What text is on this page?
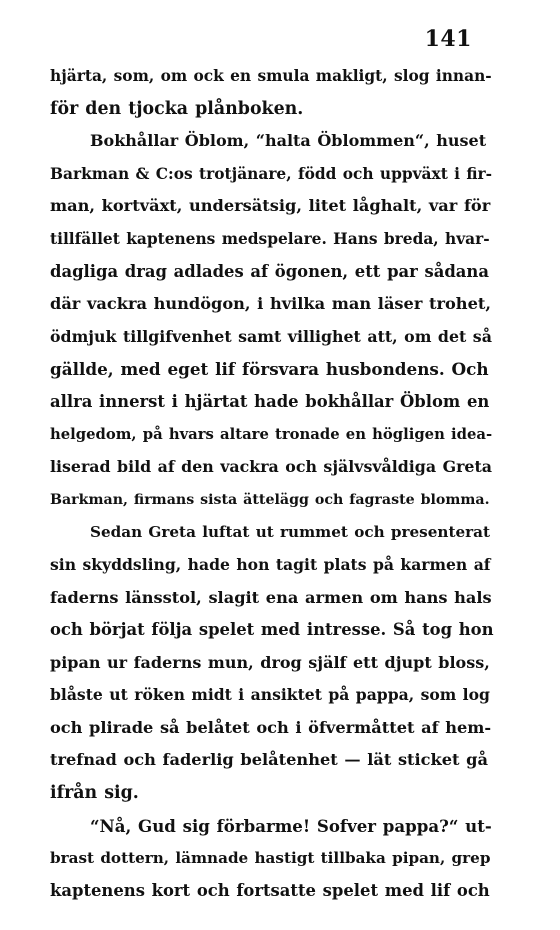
141
hjärta, som, om ock en smula makligt, slog innan-
för den tjocka plånboken.
Bokhållar Öblom, “halta Öblommen“, huset
Barkman & C:os trotjänare, född och uppväxt i fir-
man, kortväxt, undersätsig, litet låghalt, var för
tillfället kaptenens medspelare. Hans breda, hvar-
dagliga drag adlades af ögonen, ett par sådana
där vackra hundögon, i hvilka man läser trohet,
ödmjuk tillgifvenhet samt villighet att, om det så
gällde, med eget lif försvara husbondens. Och
allra innerst i hjärtat hade bokhållar Öblom en
helgedom, på hvars altare tronade en högligen idea-
liserad bild af den vackra och självsvåldiga Greta
Barkman, firmans sista ättelägg och fagraste blomma.
Sedan Greta luftat ut rummet och presenterat
sin skyddsling, hade hon tagit plats på karmen af
faderns länsstol, slagit ena armen om hans hals
och börjat följa spelet med intresse. Så tog hon
pipan ur faderns mun, drog själf ett djupt bloss,
blåste ut röken midt i ansiktet på pappa, som log
och plirade så belåtet och i öfvermåttet af hem-
trefnad och faderlig belåtenhet — lät sticket gå
ifrån sig.
“Nå, Gud sig förbarme! Sofver pappa?“ ut-
brast dottern, lämnade hastigt tillbaka pipan, grep
kaptenens kort och fortsatte spelet med lif och
